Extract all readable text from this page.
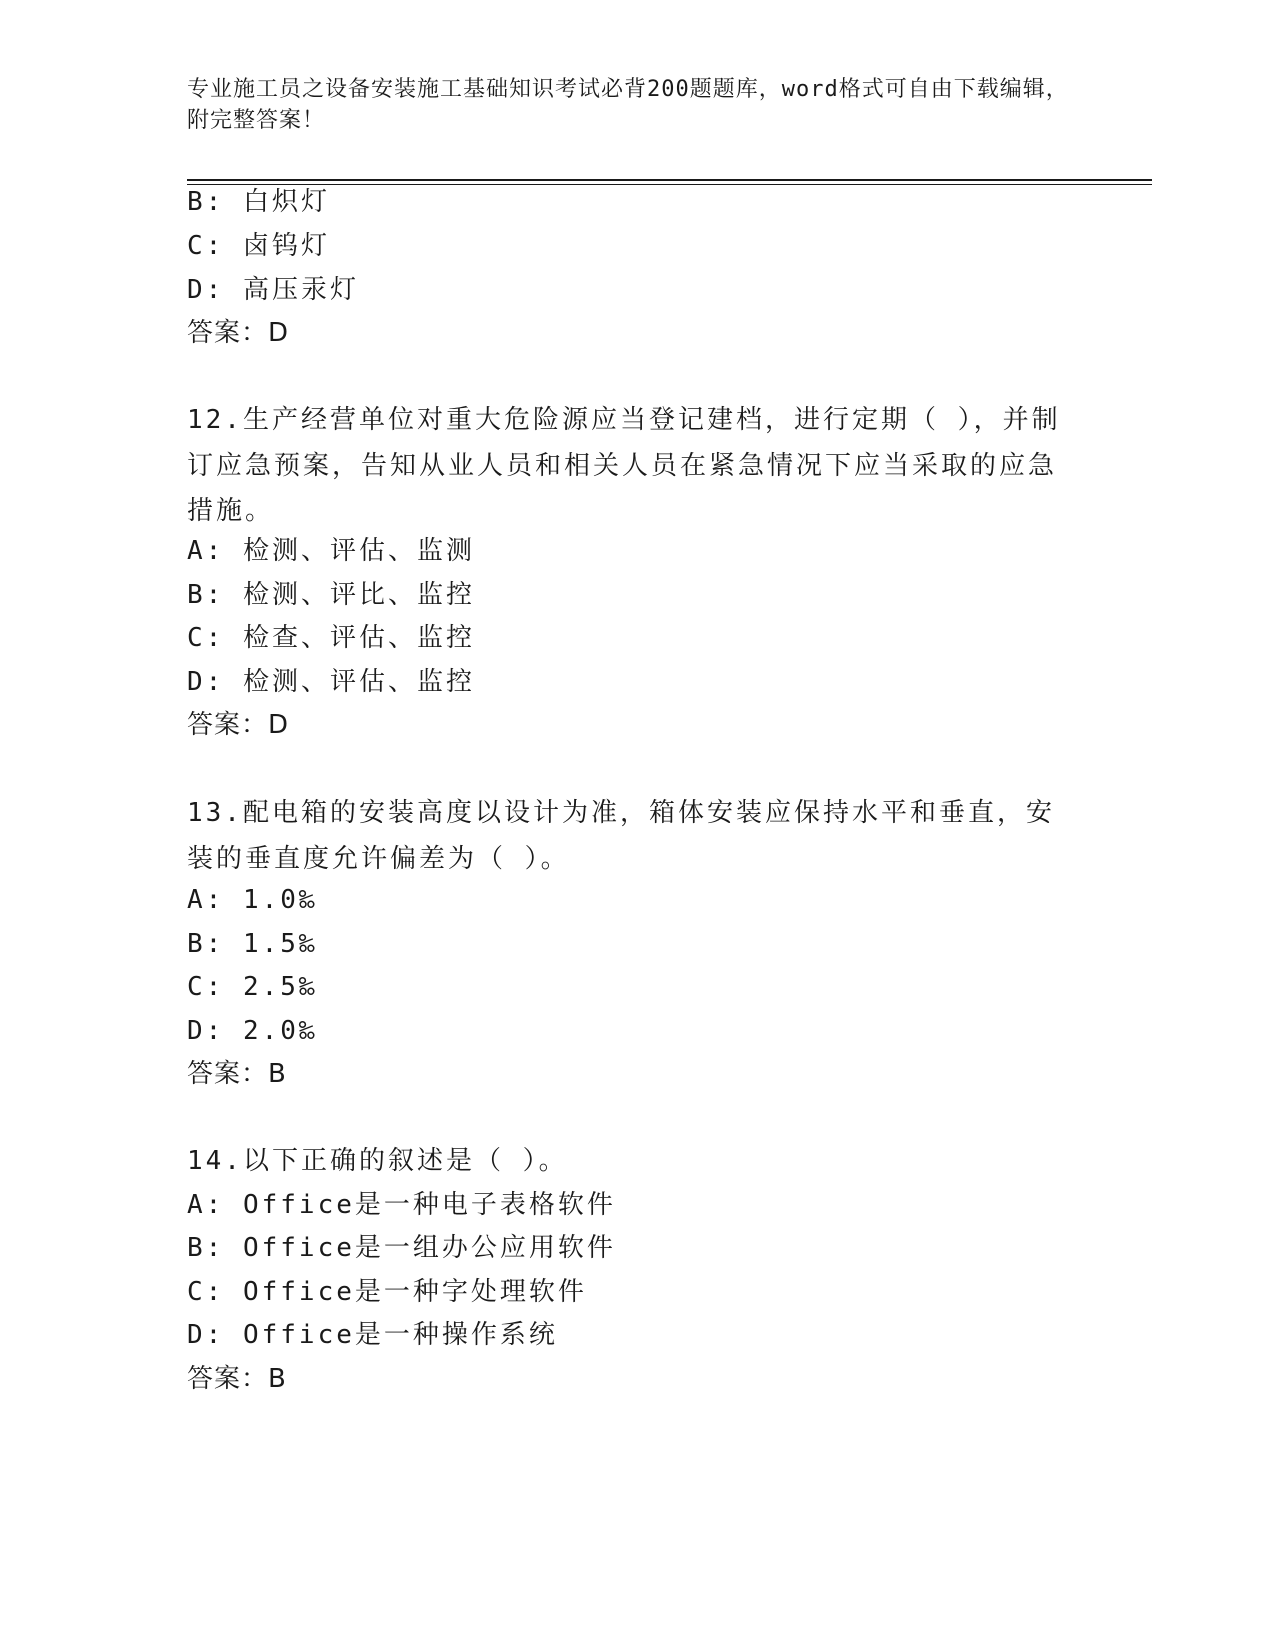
专业施工员之设备安装施工基础知识考试必背200题题库，word格式可自由下载编辑，附完整答案！
B: 白炽灯
C: 卤钨灯
D: 高压汞灯
答案：D
12.生产经营单位对重大危险源应当登记建档，进行定期（ ），并制订应急预案，告知从业人员和相关人员在紧急情况下应当采取的应急措施。
A: 检测、评估、监测
B: 检测、评比、监控
C: 检查、评估、监控
D: 检测、评估、监控
答案：D
13.配电箱的安装高度以设计为准，箱体安装应保持水平和垂直，安装的垂直度允许偏差为（ ）。
A: 1.0‰
B: 1.5‰
C: 2.5‰
D: 2.0‰
答案：B
14.以下正确的叙述是（ ）。
A: Office是一种电子表格软件
B: Office是一组办公应用软件
C: Office是一种字处理软件
D: Office是一种操作系统
答案：B
